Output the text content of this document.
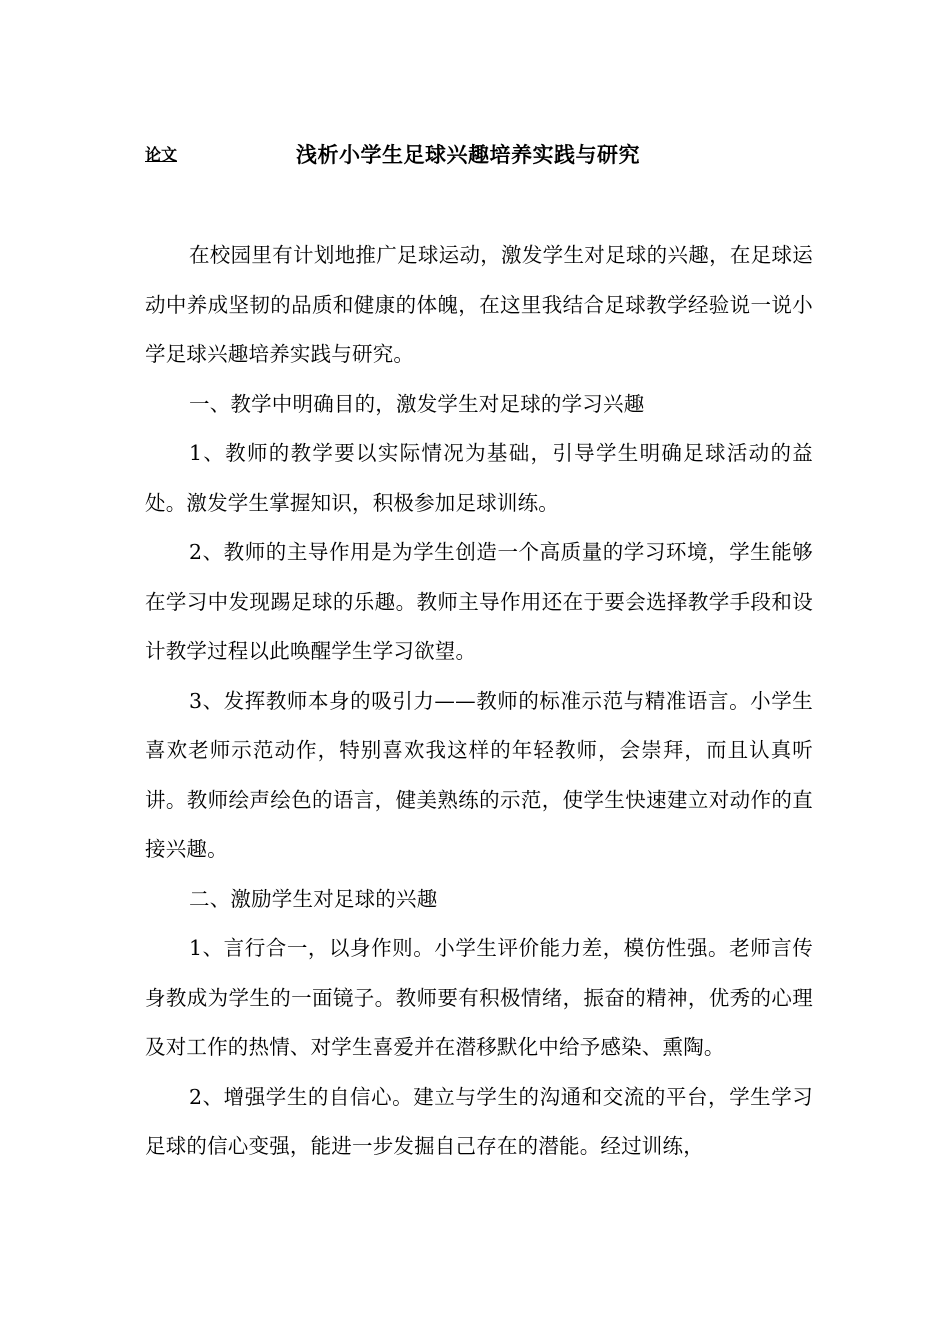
论文	浅析小学生足球兴趣培养实践与研究

在校园里有计划地推广足球运动，激发学生对足球的兴趣，在足球运动中养成坚韧的品质和健康的体魄，在这里我结合足球教学经验说一说小学足球兴趣培养实践与研究。

一、教学中明确目的，激发学生对足球的学习兴趣

1、教师的教学要以实际情况为基础，引导学生明确足球活动的益处。激发学生掌握知识，积极参加足球训练。

2、教师的主导作用是为学生创造一个高质量的学习环境，学生能够在学习中发现踢足球的乐趣。教师主导作用还在于要会选择教学手段和设计教学过程以此唤醒学生学习欲望。

3、发挥教师本身的吸引力——教师的标准示范与精准语言。小学生喜欢老师示范动作，特别喜欢我这样的年轻教师，会崇拜，而且认真听讲。教师绘声绘色的语言，健美熟练的示范，使学生快速建立对动作的直接兴趣。

二、激励学生对足球的兴趣

1、言行合一，以身作则。小学生评价能力差，模仿性强。老师言传身教成为学生的一面镜子。教师要有积极情绪，振奋的精神，优秀的心理及对工作的热情、对学生喜爱并在潜移默化中给予感染、熏陶。

2、增强学生的自信心。建立与学生的沟通和交流的平台，学生学习足球的信心变强，能进一步发掘自己存在的潜能。经过训练，
